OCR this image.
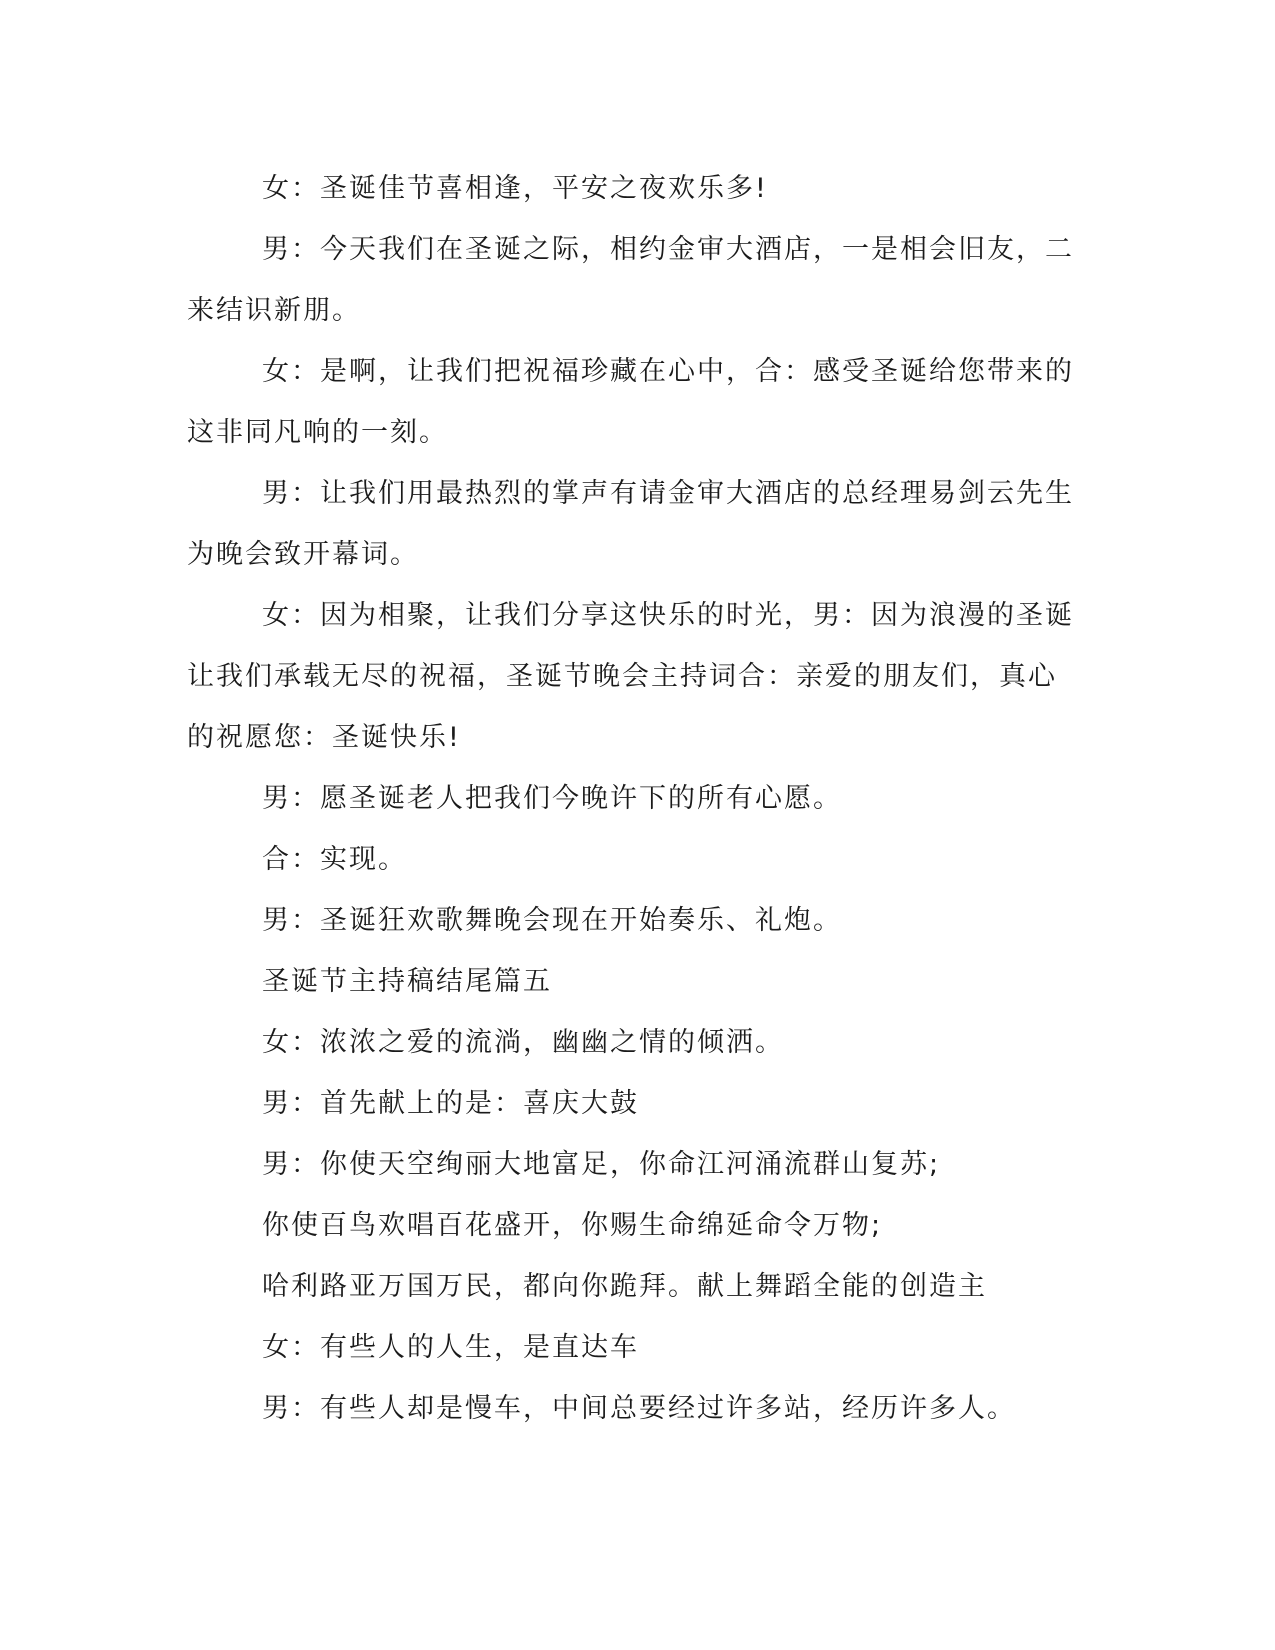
女：圣诞佳节喜相逢，平安之夜欢乐多!

男：今天我们在圣诞之际，相约金审大酒店，一是相会旧友，二

来结识新朋。

女：是啊，让我们把祝福珍藏在心中，合：感受圣诞给您带来的

这非同凡响的一刻。

男：让我们用最热烈的掌声有请金审大酒店的总经理易剑云先生

为晚会致开幕词。

女：因为相聚，让我们分享这快乐的时光，男：因为浪漫的圣诞

让我们承载无尽的祝福，圣诞节晚会主持词合：亲爱的朋友们，真心

的祝愿您：圣诞快乐!

男：愿圣诞老人把我们今晚许下的所有心愿。

合：实现。

男：圣诞狂欢歌舞晚会现在开始奏乐、礼炮。

圣诞节主持稿结尾篇五

女：浓浓之爱的流淌，幽幽之情的倾洒。

男：首先献上的是：喜庆大鼓

男：你使天空绚丽大地富足，你命江河涌流群山复苏;

你使百鸟欢唱百花盛开，你赐生命绵延命令万物;

哈利路亚万国万民，都向你跪拜。献上舞蹈全能的创造主

女：有些人的人生，是直达车

男：有些人却是慢车，中间总要经过许多站，经历许多人。
